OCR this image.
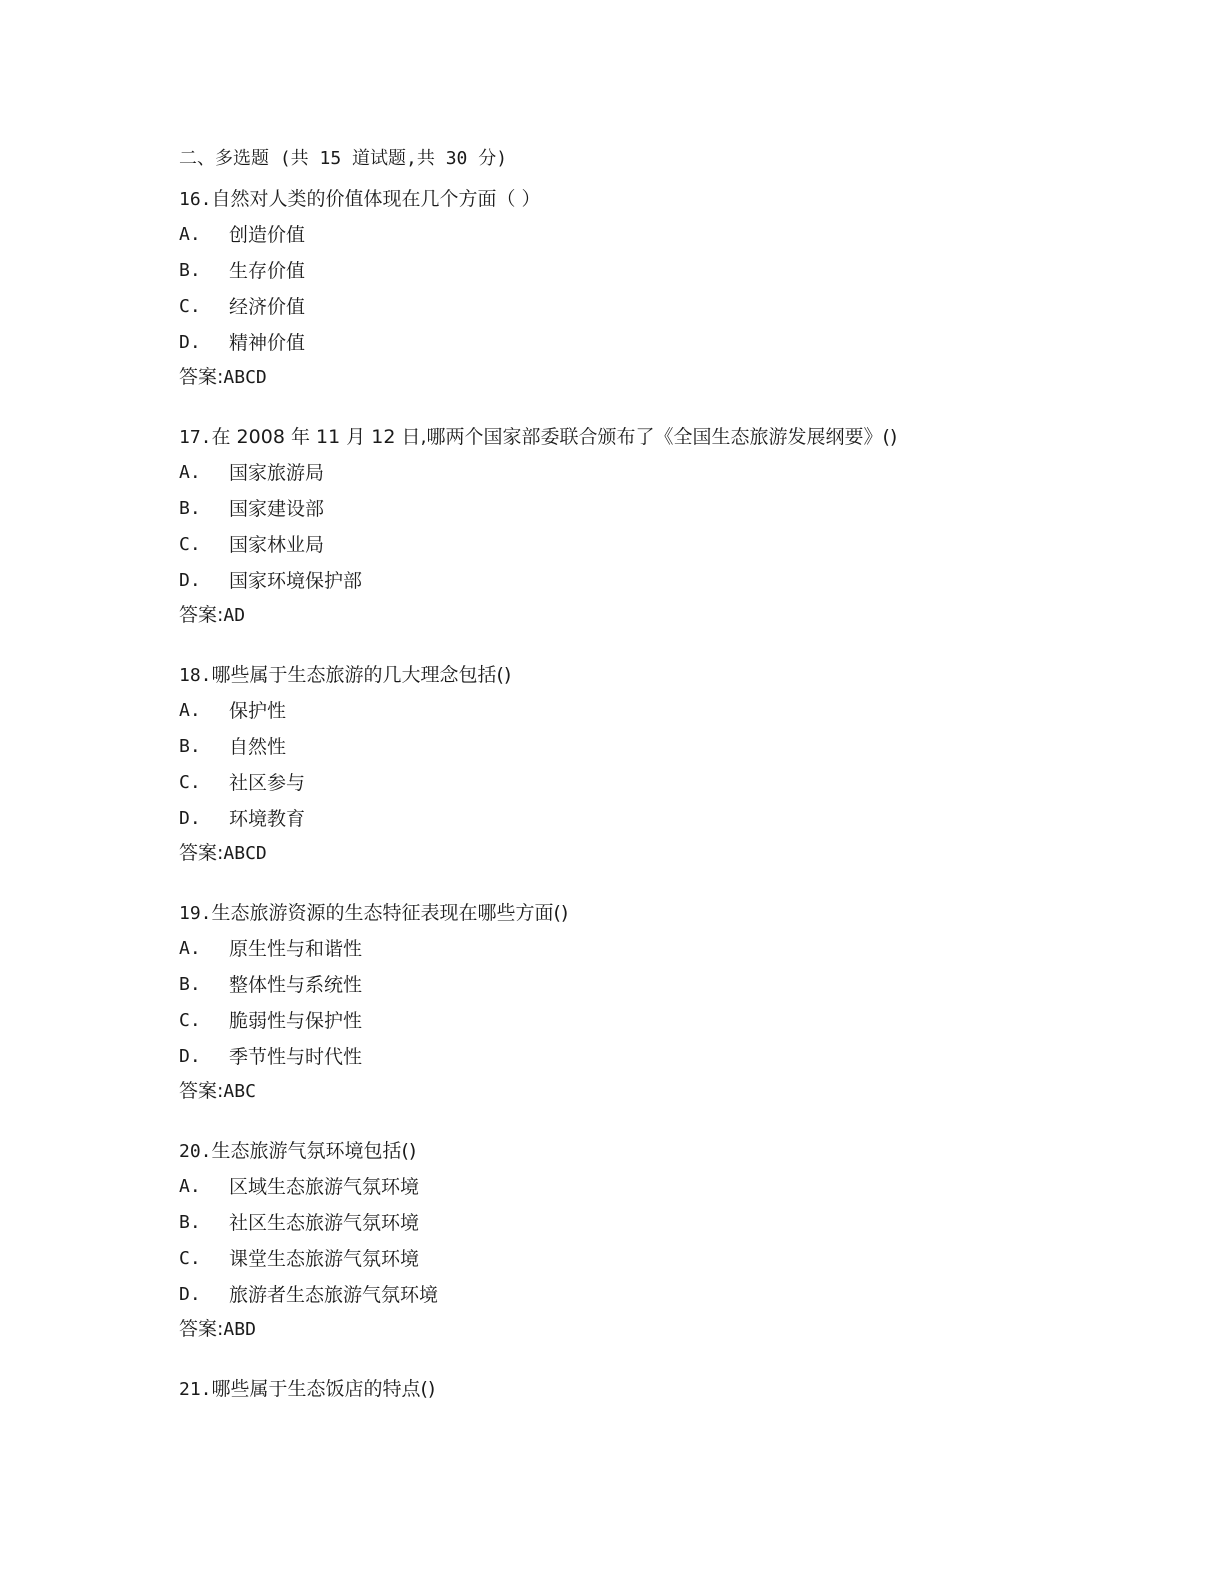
二、多选题 (共 15 道试题,共 30 分)
16.自然对人类的价值体现在几个方面（ ）
A.	创造价值
B.	生存价值
C.	经济价值
D.	精神价值
答案:ABCD
17.在 2008 年 11 月 12 日,哪两个国家部委联合颁布了《全国生态旅游发展纲要》()
A.	国家旅游局
B.	国家建设部
C.	国家林业局
D.	国家环境保护部
答案:AD
18.哪些属于生态旅游的几大理念包括()
A.	保护性
B.	自然性
C.	社区参与
D.	环境教育
答案:ABCD
19.生态旅游资源的生态特征表现在哪些方面()
A.	原生性与和谐性
B.	整体性与系统性
C.	脆弱性与保护性
D.	季节性与时代性
答案:ABC
20.生态旅游气氛环境包括()
A.	区域生态旅游气氛环境
B.	社区生态旅游气氛环境
C.	课堂生态旅游气氛环境
D.	旅游者生态旅游气氛环境
答案:ABD
21.哪些属于生态饭店的特点()
